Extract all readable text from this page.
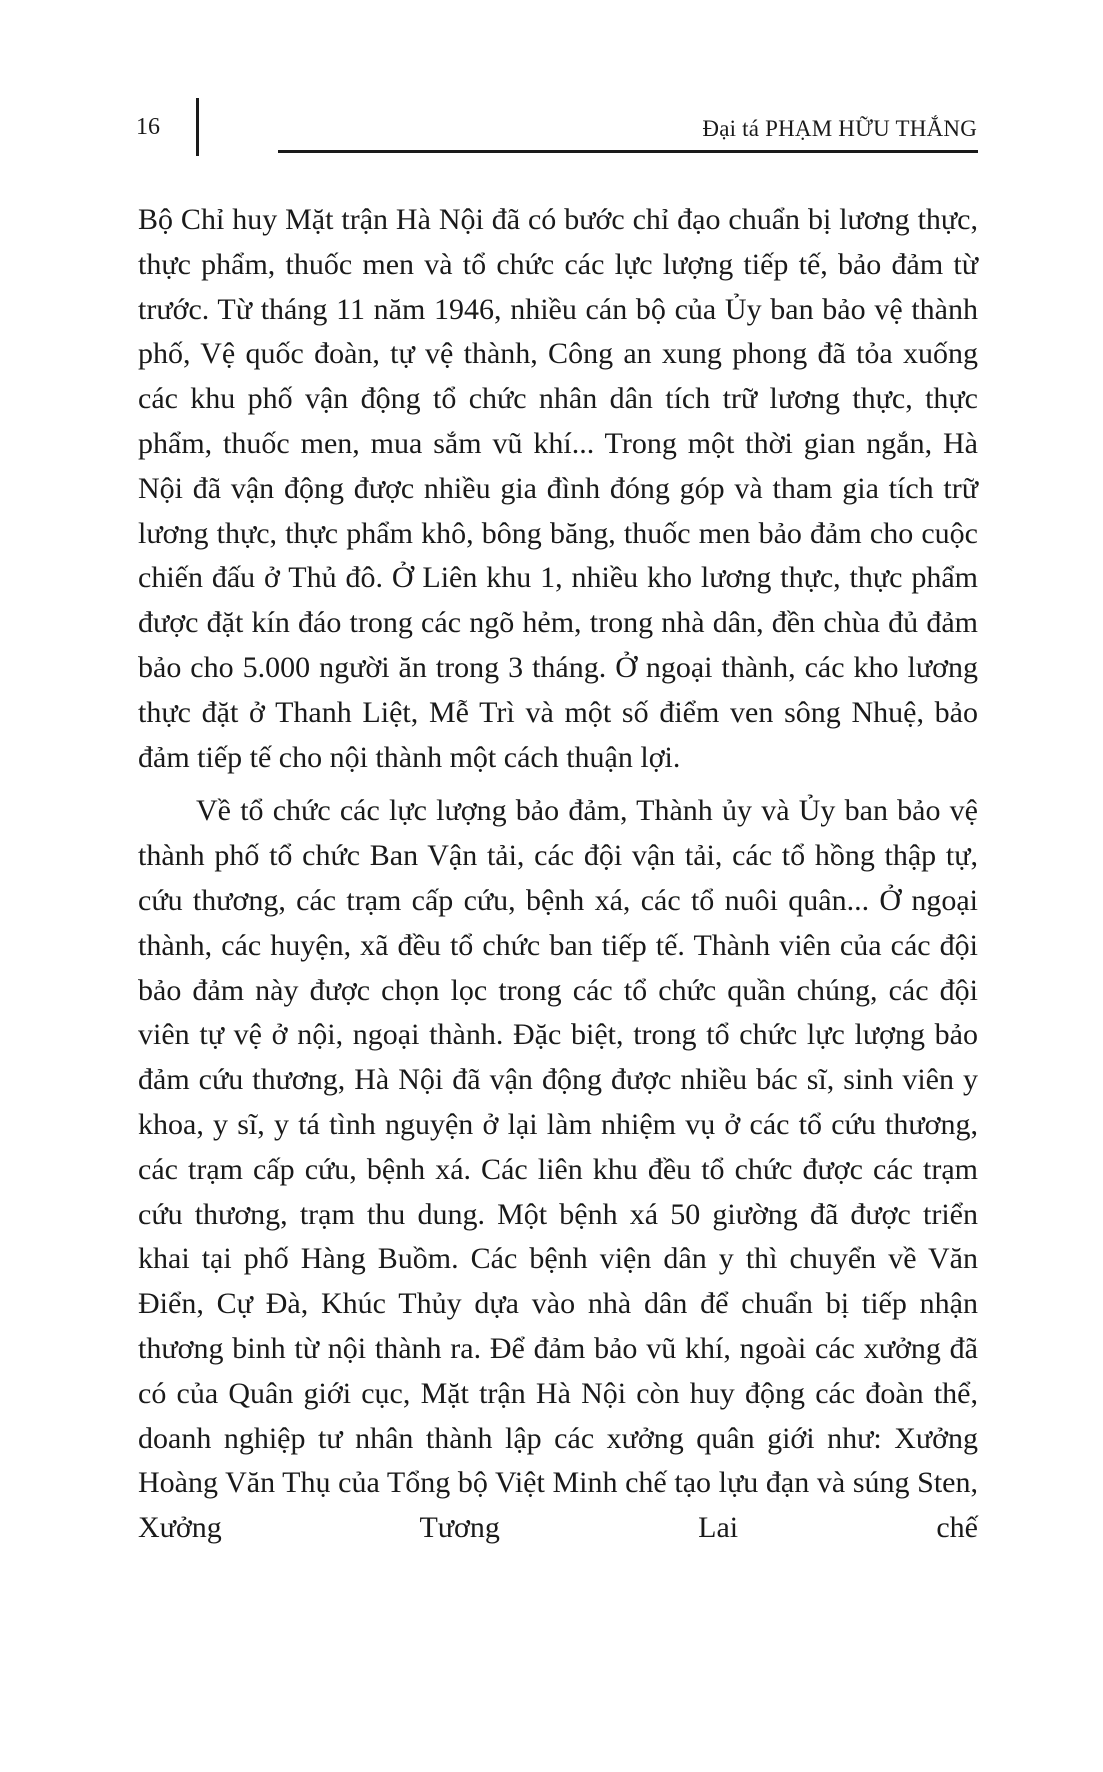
16	Đại tá PHẠM HỮU THẮNG

Bộ Chỉ huy Mặt trận Hà Nội đã có bước chỉ đạo chuẩn bị lương thực, thực phẩm, thuốc men và tổ chức các lực lượng tiếp tế, bảo đảm từ trước. Từ tháng 11 năm 1946, nhiều cán bộ của Ủy ban bảo vệ thành phố, Vệ quốc đoàn, tự vệ thành, Công an xung phong đã tỏa xuống các khu phố vận động tổ chức nhân dân tích trữ lương thực, thực phẩm, thuốc men, mua sắm vũ khí... Trong một thời gian ngắn, Hà Nội đã vận động được nhiều gia đình đóng góp và tham gia tích trữ lương thực, thực phẩm khô, bông băng, thuốc men bảo đảm cho cuộc chiến đấu ở Thủ đô. Ở Liên khu 1, nhiều kho lương thực, thực phẩm được đặt kín đáo trong các ngõ hẻm, trong nhà dân, đền chùa đủ đảm bảo cho 5.000 người ăn trong 3 tháng. Ở ngoại thành, các kho lương thực đặt ở Thanh Liệt, Mễ Trì và một số điểm ven sông Nhuệ, bảo đảm tiếp tế cho nội thành một cách thuận lợi.

Về tổ chức các lực lượng bảo đảm, Thành ủy và Ủy ban bảo vệ thành phố tổ chức Ban Vận tải, các đội vận tải, các tổ hồng thập tự, cứu thương, các trạm cấp cứu, bệnh xá, các tổ nuôi quân... Ở ngoại thành, các huyện, xã đều tổ chức ban tiếp tế. Thành viên của các đội bảo đảm này được chọn lọc trong các tổ chức quần chúng, các đội viên tự vệ ở nội, ngoại thành. Đặc biệt, trong tổ chức lực lượng bảo đảm cứu thương, Hà Nội đã vận động được nhiều bác sĩ, sinh viên y khoa, y sĩ, y tá tình nguyện ở lại làm nhiệm vụ ở các tổ cứu thương, các trạm cấp cứu, bệnh xá. Các liên khu đều tổ chức được các trạm cứu thương, trạm thu dung. Một bệnh xá 50 giường đã được triển khai tại phố Hàng Buồm. Các bệnh viện dân y thì chuyển về Văn Điển, Cự Đà, Khúc Thủy dựa vào nhà dân để chuẩn bị tiếp nhận thương binh từ nội thành ra. Để đảm bảo vũ khí, ngoài các xưởng đã có của Quân giới cục, Mặt trận Hà Nội còn huy động các đoàn thể, doanh nghiệp tư nhân thành lập các xưởng quân giới như: Xưởng Hoàng Văn Thụ của Tổng bộ Việt Minh chế tạo lựu đạn và súng Sten, Xưởng Tương Lai chế
